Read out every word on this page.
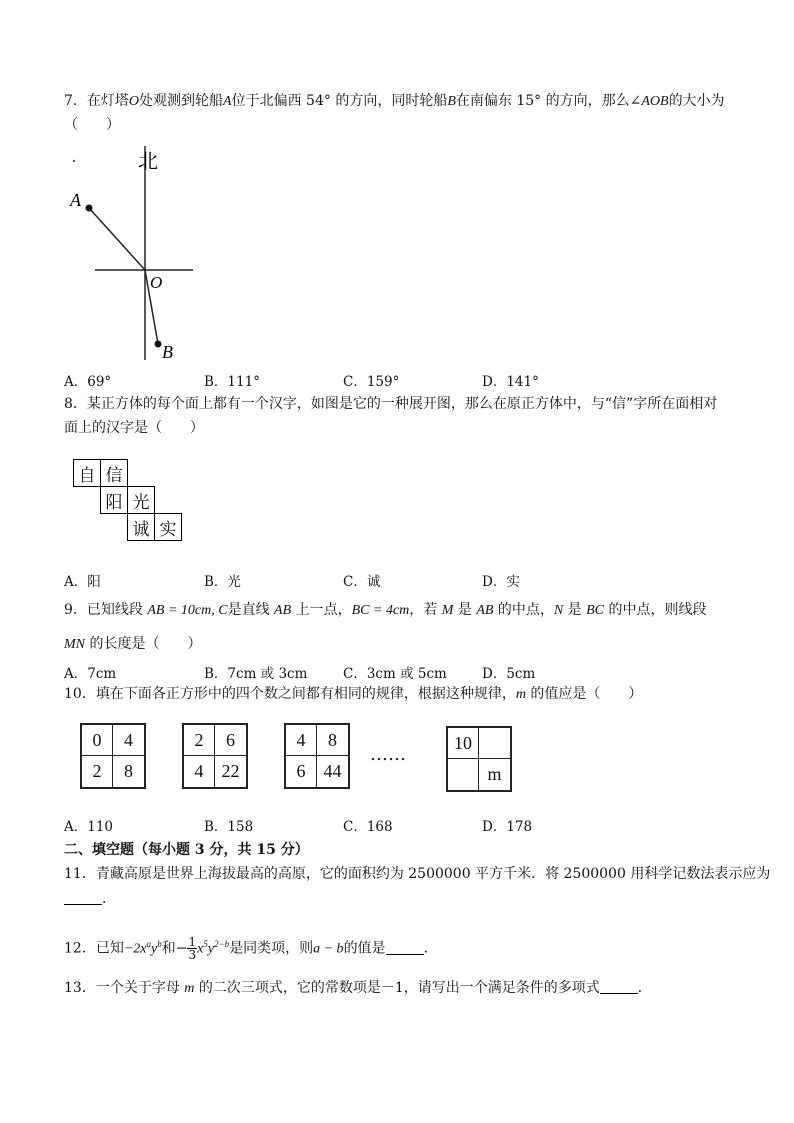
7．在灯塔O处观测到轮船A位于北偏西 54° 的方向，同时轮船B在南偏东 15° 的方向，那么∠AOB的大小为
（　　）
北
A
O
B
A．69°	B．111°	C．159°	D．141°
8．某正方体的每个面上都有一个汉字，如图是它的一种展开图，那么在原正方体中，与“信”字所在面相对
面上的汉字是（　　）
自 信
阳 光
诚 实
A．阳	B．光	C．诚	D．实
9．已知线段 AB = 10cm, C是直线 AB 上一点，BC = 4cm，若 M 是 AB 的中点，N 是 BC 的中点，则线段
MN 的长度是（　　）
A．7cm	B．7cm 或 3cm	C．3cm 或 5cm	D．5cm
10．填在下面各正方形中的四个数之间都有相同的规律，根据这种规律，m 的值应是（　　）
0	4
2	8
2	6
4	22
4	8
6	44
……
10
m
A．110	B．158	C．168	D．178
二、填空题（每小题 3 分，共 15 分）
11．青藏高原是世界上海拔最高的高原，它的面积约为 2500000 平方千米．将 2500000 用科学记数法表示应为
．
12．已知$-2x^ay^b$和− $\frac{1}{3} x^5y^{2-b}$是同类项，则a − b的值是	．
13．一个关于字母 m 的二次三项式，它的常数项是－1，请写出一个满足条件的多项式	．
